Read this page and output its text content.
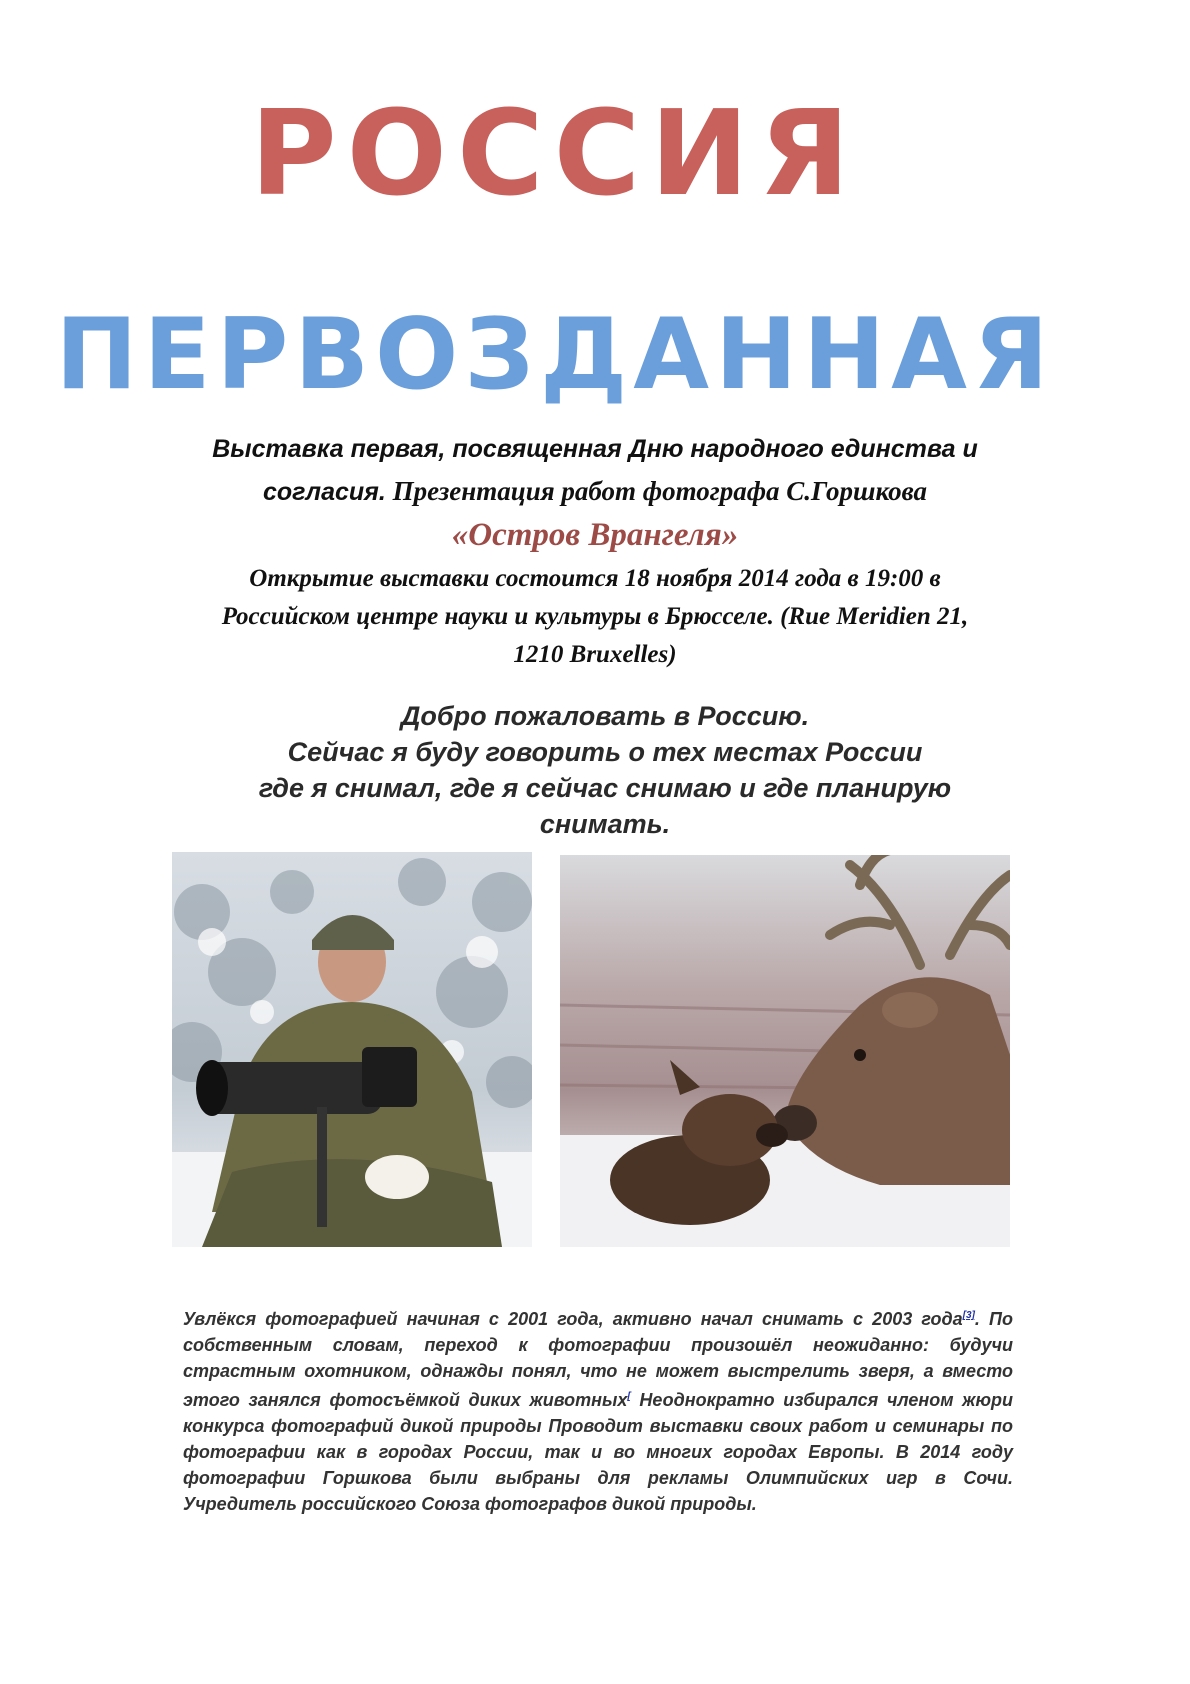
РОССИЯ
ПЕРВОЗДАННАЯ
Выставка первая, посвященная Дню народного единства и
согласия. Презентация работ фотографа С.Горшкова
«Остров Врангеля»
Открытие выставки состоится 18 ноября 2014 года в 19:00 в
Российском центре науки и культуры в Брюсселе. (Rue Meridien 21,
1210 Bruxelles)
Добро пожаловать в Россию.
Сейчас я буду говорить о тех местах России
где я снимал, где я сейчас снимаю и где планирую
снимать.
Увлёкся фотографией начиная с 2001 года, активно начал снимать с 2003 года[3]. По собственным словам, переход к фотографии произошёл неожиданно: будучи страстным охотником, однажды понял, что не может выстрелить зверя, а вместо этого занялся фотосъёмкой диких животных[ Неоднократно избирался членом жюри конкурса фотографий дикой природы Проводит выставки своих работ и семинары по фотографии как в городах России, так и во многих городах Европы. В 2014 году фотографии Горшкова были выбраны для рекламы Олимпийских игр в Сочи. Учредитель российского Союза фотографов дикой природы.
